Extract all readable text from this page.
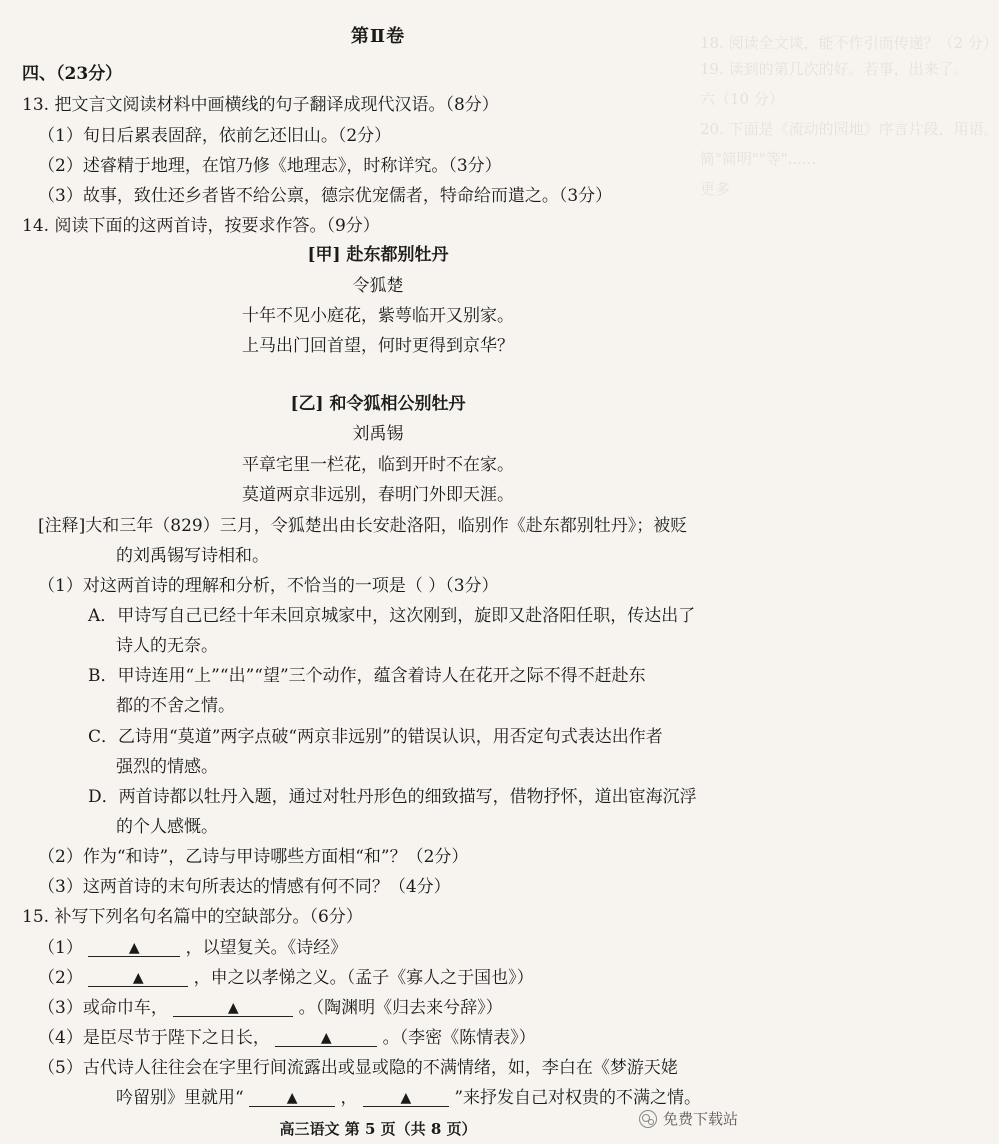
18. 阅读全文谈，能不作引而传递？（2 分）
19. 读到的第几次的好。若事，出来了。
六（10 分）
20. 下面是《流动的园地》序言片段，用语。
简"简明""等"......
更多
第Ⅱ卷
四、（23分）
13. 把文言文阅读材料中画横线的句子翻译成现代汉语。（8分）
（1）旬日后累表固辞，依前乞还旧山。（2分）
（2）述睿精于地理，在馆乃修《地理志》，时称详究。（3分）
（3）故事，致仕还乡者皆不给公禀，德宗优宠儒者，特命给而遣之。（3分）
14. 阅读下面的这两首诗，按要求作答。（9分）
[甲] 赴东都别牡丹
令狐楚
十年不见小庭花，紫萼临开又别家。
上马出门回首望，何时更得到京华？
[乙] 和令狐相公别牡丹
刘禹锡
平章宅里一栏花，临到开时不在家。
莫道两京非远别，春明门外即天涯。
[注释]大和三年（829）三月，令狐楚出由长安赴洛阳，临别作《赴东都别牡丹》；被贬
的刘禹锡写诗相和。
（1）对这两首诗的理解和分析，不恰当的一项是（ ）（3分）
A．甲诗写自己已经十年未回京城家中，这次刚到，旋即又赴洛阳任职，传达出了
诗人的无奈。
B．甲诗连用“上”“出”“望”三个动作，蕴含着诗人在花开之际不得不赶赴东
都的不舍之情。
C．乙诗用“莫道”两字点破“两京非远别”的错误认识，用否定句式表达出作者
强烈的情感。
D．两首诗都以牡丹入题，通过对牡丹形色的细致描写，借物抒怀，道出宦海沉浮
的个人感慨。
（2）作为“和诗”，乙诗与甲诗哪些方面相“和”？（2分）
（3）这两首诗的末句所表达的情感有何不同？（4分）
15. 补写下列名句名篇中的空缺部分。（6分）
（1）	▲	，以望复关。《诗经》
（2）	▲	，申之以孝悌之义。（孟子《寡人之于国也》）
（3）或命巾车，	▲	。（陶渊明《归去来兮辞》）
（4）是臣尽节于陛下之日长，	▲	。（李密《陈情表》）
（5）古代诗人往往会在字里行间流露出或显或隐的不满情绪，如，李白在《梦游天姥
吟留别》里就用“	▲	，	▲	”来抒发自己对权贵的不满之情。
高三语文 第 5 页（共 8 页）
免费下载站
